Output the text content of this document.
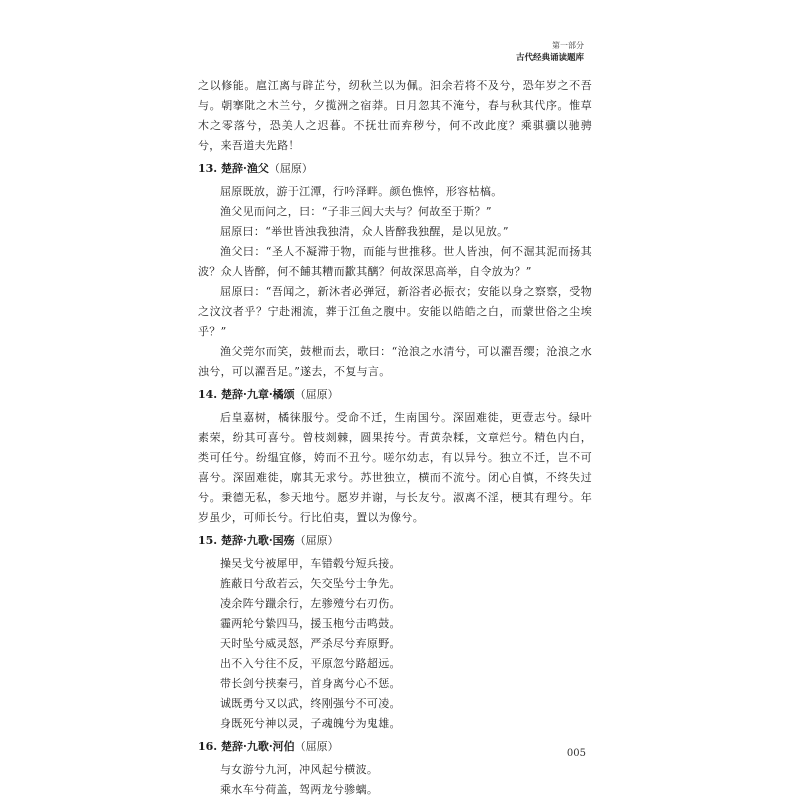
第一部分
古代经典诵读题库

之以修能。扈江离与辟芷兮，纫秋兰以为佩。汩余若将不及兮，恐年岁之不吾与。朝搴阰之木兰兮，夕揽洲之宿莽。日月忽其不淹兮，春与秋其代序。惟草木之零落兮，恐美人之迟暮。不抚壮而弃秽兮，何不改此度？乘骐骥以驰骋兮，来吾道夫先路！

13. 楚辞·渔父（屈原）

屈原既放，游于江潭，行吟泽畔。颜色憔悴，形容枯槁。

渔父见而问之，曰：“子非三闾大夫与？何故至于斯？”

屈原曰：“举世皆浊我独清，众人皆醉我独醒，是以见放。”

渔父曰：“圣人不凝滞于物，而能与世推移。世人皆浊，何不淈其泥而扬其波？众人皆醉，何不餔其糟而歠其醨？何故深思高举，自令放为？”

屈原曰：“吾闻之，新沐者必弹冠，新浴者必振衣；安能以身之察察，受物之汶汶者乎？宁赴湘流，葬于江鱼之腹中。安能以皓皓之白，而蒙世俗之尘埃乎？”

渔父莞尔而笑，鼓枻而去，歌曰：“沧浪之水清兮，可以濯吾缨；沧浪之水浊兮，可以濯吾足。”遂去，不复与言。

14. 楚辞·九章·橘颂（屈原）

后皇嘉树，橘徕服兮。受命不迁，生南国兮。深固难徙，更壹志兮。绿叶素荣，纷其可喜兮。曾枝剡棘，圆果抟兮。青黄杂糅，文章烂兮。精色内白，类可任兮。纷缊宜修，姱而不丑兮。嗟尔幼志，有以异兮。独立不迁，岂不可喜兮。深固难徙，廓其无求兮。苏世独立，横而不流兮。闭心自慎，不终失过兮。秉德无私，参天地兮。愿岁并谢，与长友兮。淑离不淫，梗其有理兮。年岁虽少，可师长兮。行比伯夷，置以为像兮。

15. 楚辞·九歌·国殇（屈原）
操吴戈兮被犀甲，车错毂兮短兵接。
旌蔽日兮敌若云，矢交坠兮士争先。
凌余阵兮躐余行，左骖殪兮右刃伤。
霾两轮兮絷四马，援玉枹兮击鸣鼓。
天时坠兮威灵怒，严杀尽兮弃原野。
出不入兮往不反，平原忽兮路超远。
带长剑兮挟秦弓，首身离兮心不惩。
诚既勇兮又以武，终刚强兮不可凌。
身既死兮神以灵，子魂魄兮为鬼雄。
16. 楚辞·九歌·河伯（屈原）
与女游兮九河，冲风起兮横波。
乘水车兮荷盖，驾两龙兮骖螭。
005
